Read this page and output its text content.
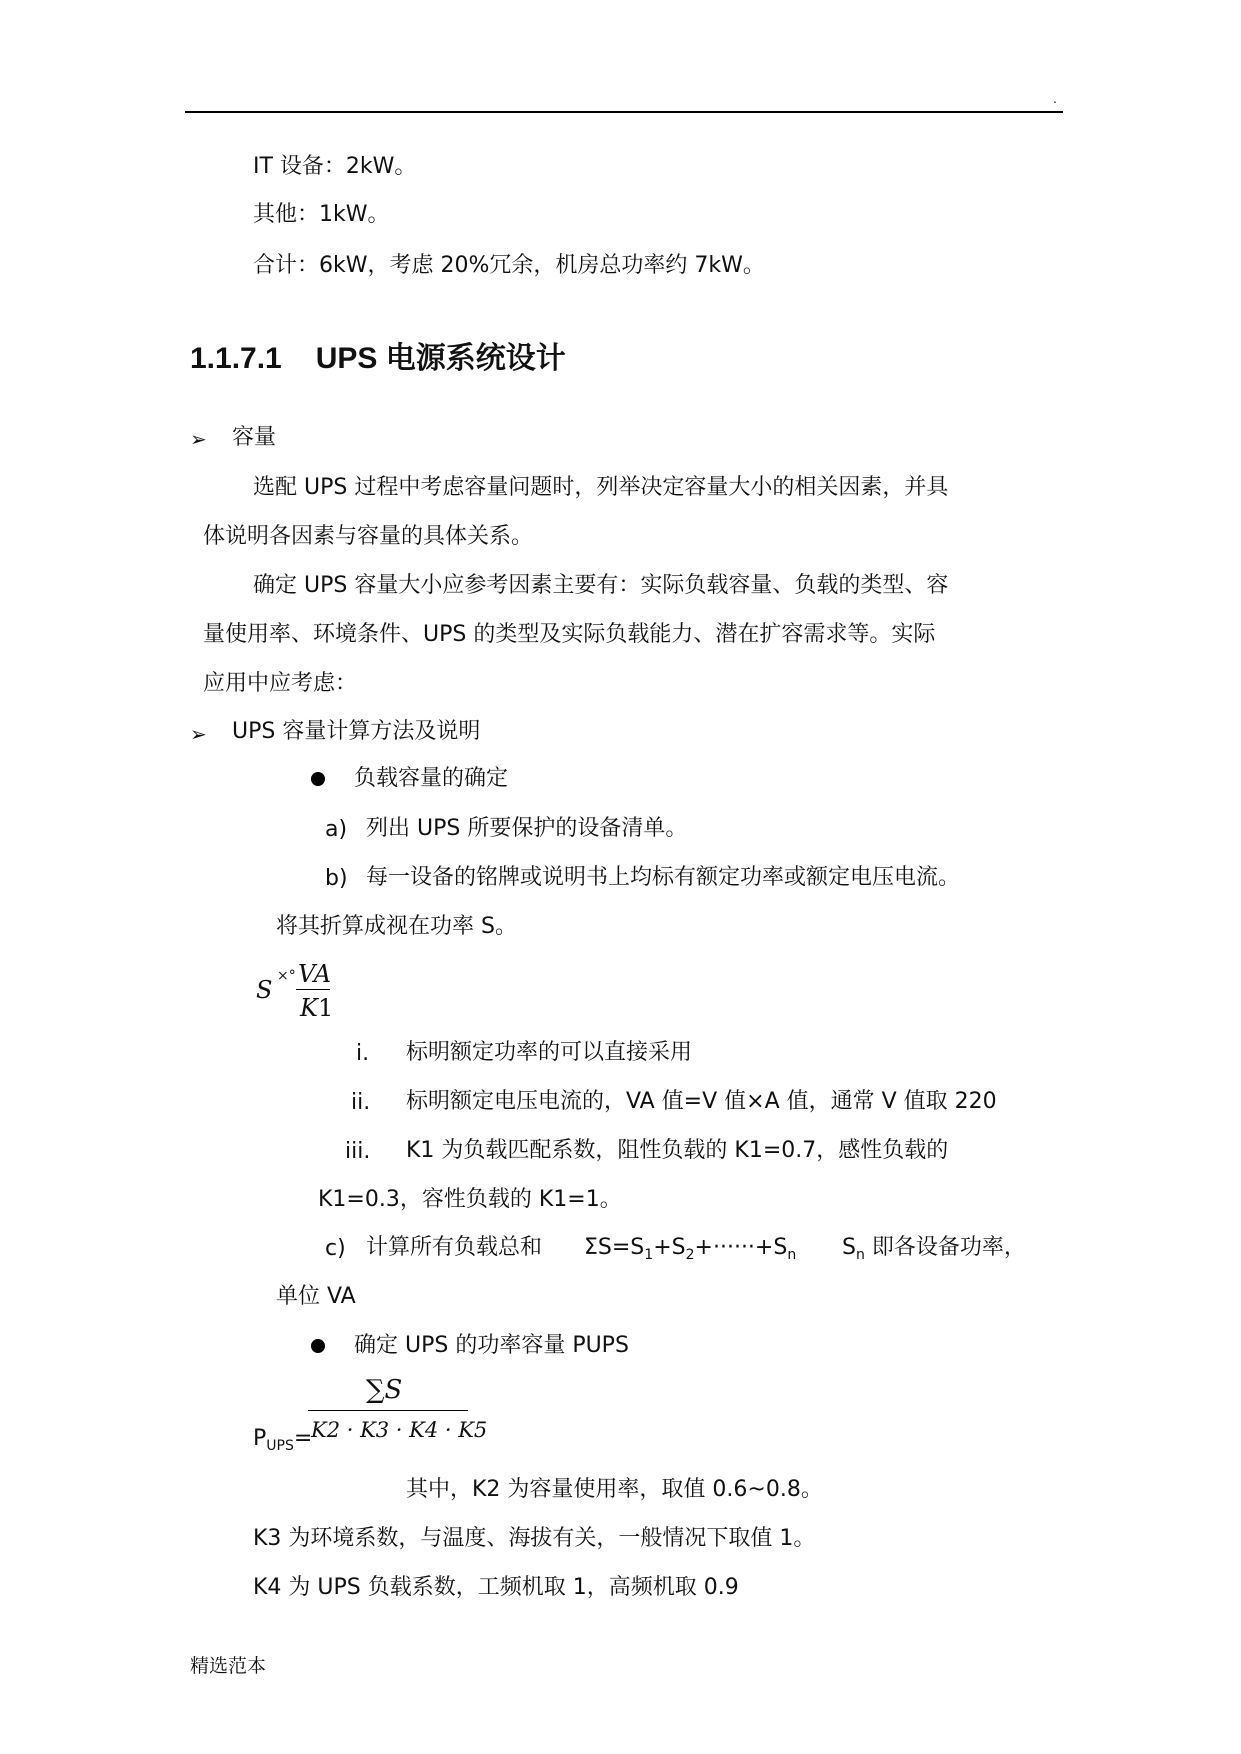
.
IT 设备：2kW。
其他：1kW。
合计：6kW，考虑 20%冗余，机房总功率约 7kW。
1.1.7.1 UPS 电源系统设计
➢ 容量
选配 UPS 过程中考虑容量问题时，列举决定容量大小的相关因素，并具
体说明各因素与容量的具体关系。
确定 UPS 容量大小应参考因素主要有：实际负载容量、负载的类型、容
量使用率、环境条件、UPS 的类型及实际负载能力、潜在扩容需求等。实际
应用中应考虑：
➢ UPS 容量计算方法及说明
负载容量的确定
a) 列出 UPS 所要保护的设备清单。
b) 每一设备的铭牌或说明书上均标有额定功率或额定电压电流。
将其折算成视在功率 S。
S ×° VA
K1
i. 标明额定功率的可以直接采用
ii. 标明额定电压电流的，VA 值=V 值×A 值，通常 V 值取 220
iii. K1 为负载匹配系数，阻性负载的 K1=0.7，感性负载的
K1=0.3，容性负载的 K1=1。
c) 计算所有负载总和 $\Sigma S=S_1+S_2+\cdot\cdot\cdot\cdot\cdot\cdot+S_n$ $S_n$ 即各设备功率，
单位 VA
确定 UPS 的功率容量 PUPS
$P_{UPS}=$
∑S
K2 · K3 · K4 · K5
其中，K2 为容量使用率，取值 0.6~0.8。
K3 为环境系数，与温度、海拔有关，一般情况下取值 1。
K4 为 UPS 负载系数，工频机取 1，高频机取 0.9
精选范本
